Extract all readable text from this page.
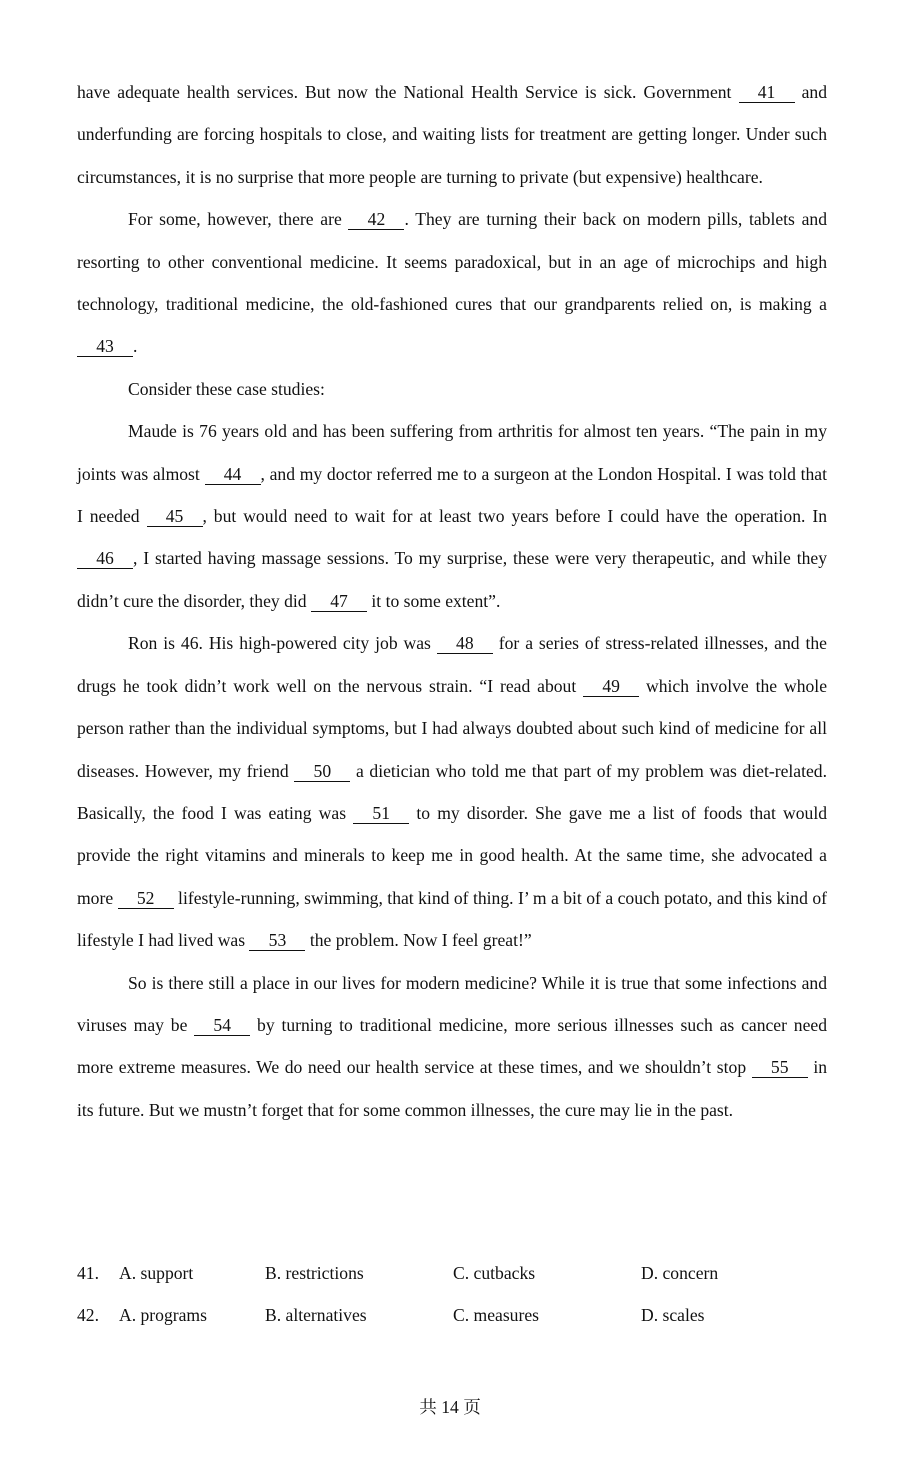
have adequate health services. But now the National Health Service is sick. Government 41 and underfunding are forcing hospitals to close, and waiting lists for treatment are getting longer. Under such circumstances, it is no surprise that more people are turning to private (but expensive) healthcare.

For some, however, there are 42 . They are turning their back on modern pills, tablets and resorting to other conventional medicine. It seems paradoxical, but in an age of microchips and high technology, traditional medicine, the old-fashioned cures that our grandparents relied on, is making a 43 .

Consider these case studies:

Maude is 76 years old and has been suffering from arthritis for almost ten years. “The pain in my joints was almost 44 , and my doctor referred me to a surgeon at the London Hospital. I was told that I needed 45 , but would need to wait for at least two years before I could have the operation. In 46 , I started having massage sessions. To my surprise, these were very therapeutic, and while they didn’t cure the disorder, they did 47 it to some extent”.

Ron is 46. His high-powered city job was 48 for a series of stress-related illnesses, and the drugs he took didn’t work well on the nervous strain. “I read about 49 which involve the whole person rather than the individual symptoms, but I had always doubted about such kind of medicine for all diseases. However, my friend 50 a dietician who told me that part of my problem was diet-related. Basically, the food I was eating was 51 to my disorder. She gave me a list of foods that would provide the right vitamins and minerals to keep me in good health. At the same time, she advocated a more 52 lifestyle-running, swimming, that kind of thing. I’ m a bit of a couch potato, and this kind of lifestyle I had lived was 53 the problem. Now I feel great!”

So is there still a place in our lives for modern medicine? While it is true that some infections and viruses may be 54 by turning to traditional medicine, more serious illnesses such as cancer need more extreme measures. We do need our health service at these times, and we shouldn’t stop 55 in its future. But we mustn’t forget that for some common illnesses, the cure may lie in the past.

41.	A. support	B. restrictions	C. cutbacks	D. concern
42.	A. programs	B. alternatives	C. measures	D. scales
共 14 页
